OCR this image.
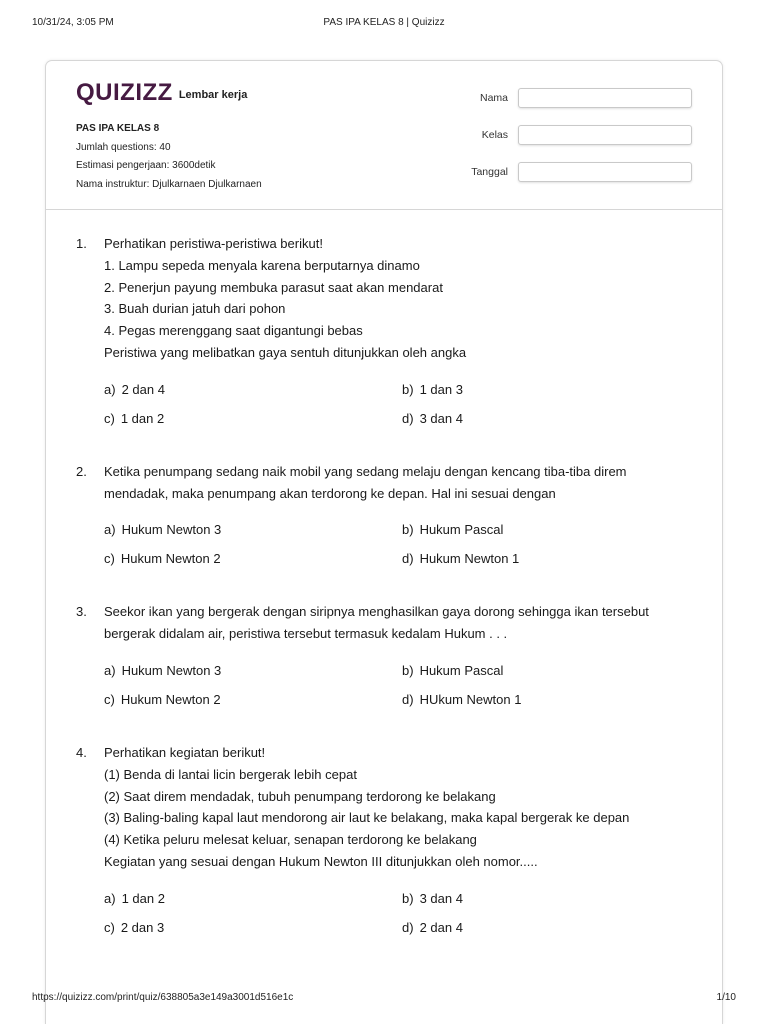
10/31/24, 3:05 PM	PAS IPA KELAS 8 | Quizizz
QUIZIZZ Lembar kerja
PAS IPA KELAS 8
Jumlah questions: 40
Estimasi pengerjaan: 3600detik
Nama instruktur: Djulkarnaen Djulkarnaen
Nama
Kelas
Tanggal
1. Perhatikan peristiwa-peristiwa berikut!
1. Lampu sepeda menyala karena berputarnya dinamo
2. Penerjun payung membuka parasut saat akan mendarat
3. Buah durian jatuh dari pohon
4. Pegas merenggang saat digantungi bebas
Peristiwa yang melibatkan gaya sentuh ditunjukkan oleh angka
a) 2 dan 4	b) 1 dan 3
c) 1 dan 2	d) 3 dan 4
2. Ketika penumpang sedang naik mobil yang sedang melaju dengan kencang tiba-tiba direm
mendadak, maka penumpang akan terdorong ke depan. Hal ini sesuai dengan
a) Hukum Newton 3	b) Hukum Pascal
c) Hukum Newton 2	d) Hukum Newton 1
3. Seekor ikan yang bergerak dengan siripnya menghasilkan gaya dorong sehingga ikan tersebut
bergerak didalam air, peristiwa tersebut termasuk kedalam Hukum . . .
a) Hukum Newton 3	b) Hukum Pascal
c) Hukum Newton 2	d) HUkum Newton 1
4. Perhatikan kegiatan berikut!
(1) Benda di lantai licin bergerak lebih cepat
(2) Saat direm mendadak, tubuh penumpang terdorong ke belakang
(3) Baling-baling kapal laut mendorong air laut ke belakang, maka kapal bergerak ke depan
(4) Ketika peluru melesat keluar, senapan terdorong ke belakang
Kegiatan yang sesuai dengan Hukum Newton III ditunjukkan oleh nomor.....
a) 1 dan 2	b) 3 dan 4
c) 2 dan 3	d) 2 dan 4
https://quizizz.com/print/quiz/638805a3e149a3001d516e1c	1/10
